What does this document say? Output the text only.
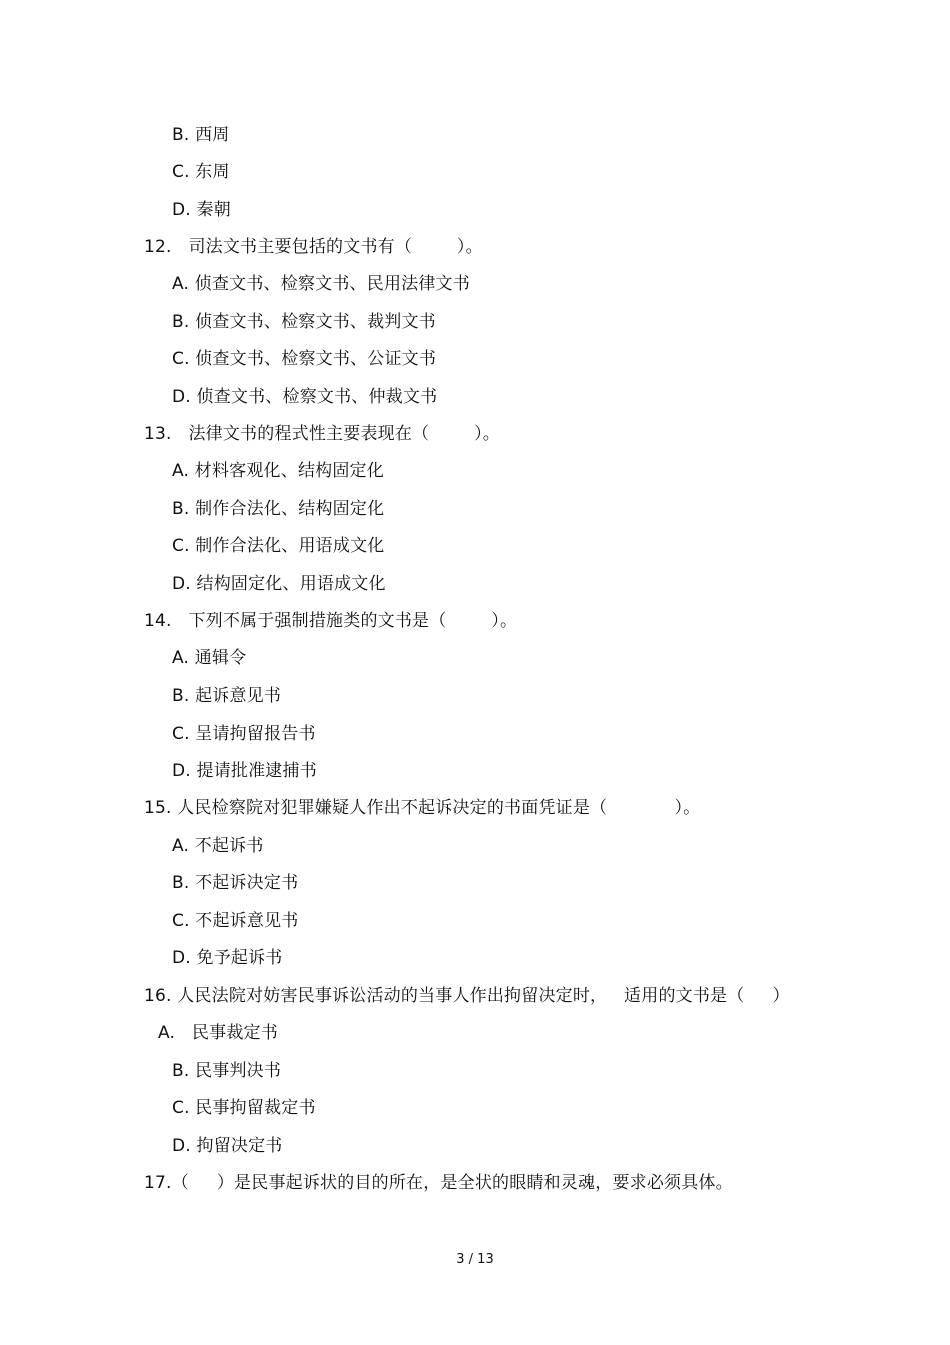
B. 西周
C. 东周
D. 秦朝
12.   司法文书主要包括的文书有（        ）。
A. 侦查文书、检察文书、民用法律文书
B. 侦查文书、检察文书、裁判文书
C. 侦查文书、检察文书、公证文书
D. 侦查文书、检察文书、仲裁文书
13.   法律文书的程式性主要表现在（        ）。
A. 材料客观化、结构固定化
B. 制作合法化、结构固定化
C. 制作合法化、用语成文化
D. 结构固定化、用语成文化
14.   下列不属于强制措施类的文书是（        ）。
A. 通辑令
B. 起诉意见书
C. 呈请拘留报告书
D. 提请批准逮捕书
15. 人民检察院对犯罪嫌疑人作出不起诉决定的书面凭证是（            ）。
A. 不起诉书
B. 不起诉决定书
C. 不起诉意见书
D. 免予起诉书
16. 人民法院对妨害民事诉讼活动的当事人作出拘留决定时，   适用的文书是（     ）
A.   民事裁定书
B. 民事判决书
C. 民事拘留裁定书
D. 拘留决定书
17.（     ）是民事起诉状的目的所在，是全状的眼睛和灵魂，要求必须具体。
3 / 13
